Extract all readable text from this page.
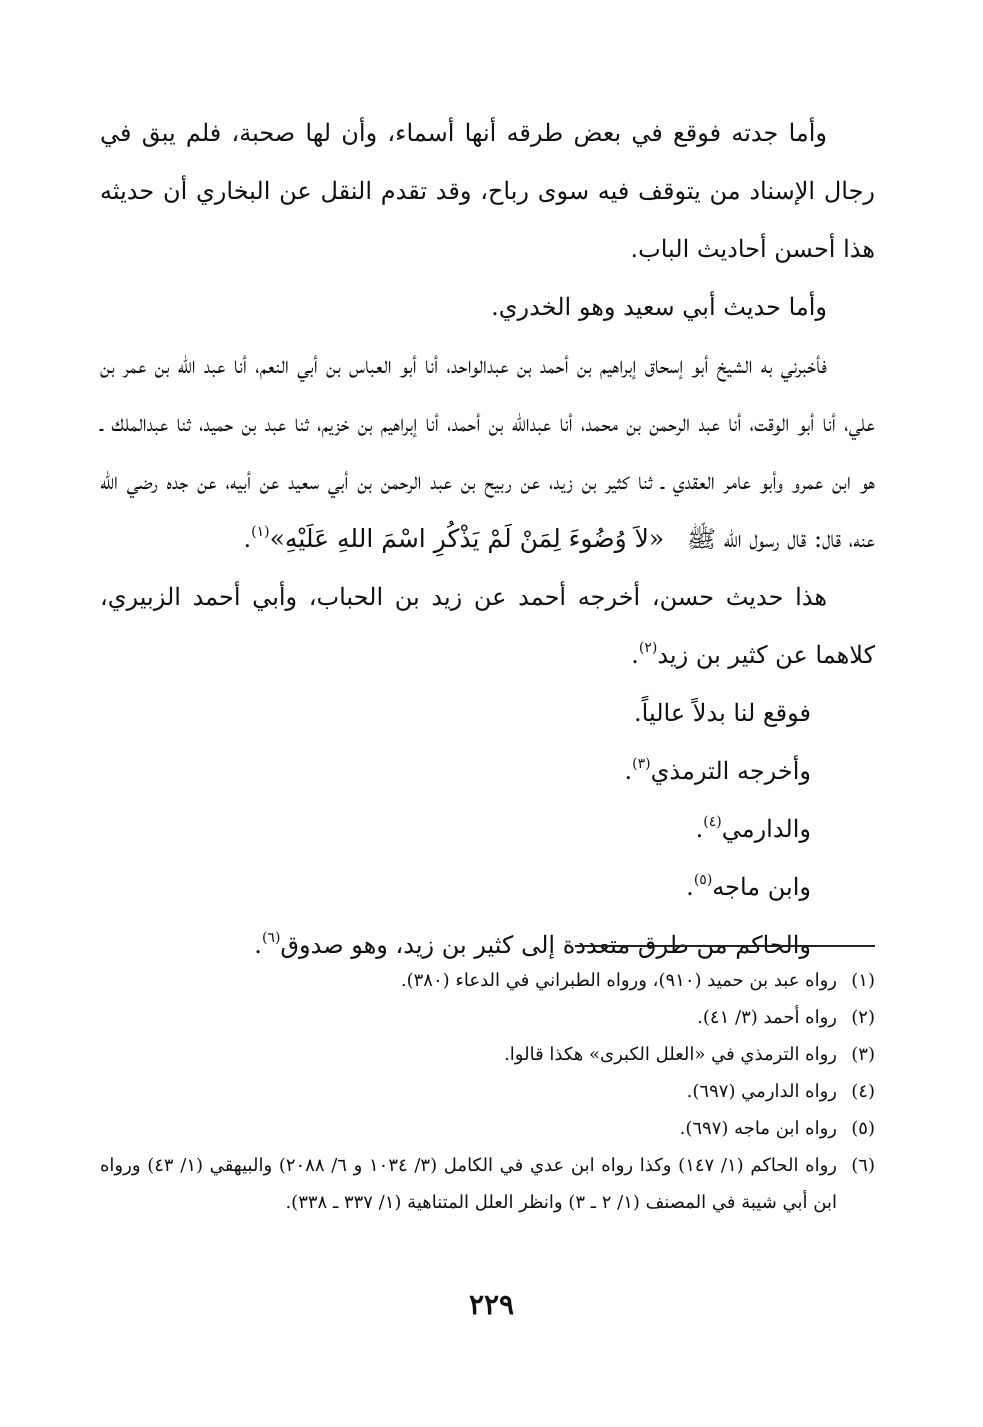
وأما جدته فوقع في بعض طرقه أنها أسماء، وأن لها صحبة، فلم يبق في رجال الإسناد من يتوقف فيه سوى رباح، وقد تقدم النقل عن البخاري أن حديثه هذا أحسن أحاديث الباب.

وأما حديث أبي سعيد وهو الخدري.

فأخبرني به الشيخ أبو إسحاق إبراهيم بن أحمد بن عبدالواحد، أنا أبو العباس بن أبي النعم، أنا عبد الله بن عمر بن علي، أنا أبو الوقت، أنا عبد الرحمن بن محمد، أنا عبدالله بن أحمد، أنا إبراهيم بن خزيم، ثنا عبد بن حميد، ثنا عبدالملك ـ هو ابن عمرو وأبو عامر العقدي ـ ثنا كثير بن زيد، عن ربيح بن عبد الرحمن بن أبي سعيد عن أبيه، عن جده رضي الله عنه، قال: قال رسول الله ﷺ   «لاَ وُضُوءَ لِمَنْ لَمْ يَذْكُرِ اسْمَ اللهِ عَلَيْهِ»$^{(١)}$.

هذا حديث حسن، أخرجه أحمد عن زيد بن الحباب، وأبي أحمد الزبيري، كلاهما عن كثير بن زيد$^{(٢)}$.

فوقع لنا بدلاً عالياً.

وأخرجه الترمذي$^{(٣)}$.

والدارمي$^{(٤)}$.

وابن ماجه$^{(٥)}$.

والحاكم من طرق متعددة إلى كثير بن زيد، وهو صدوق$^{(٦)}$.

(١)رواه عبد بن حميد (٩١٠)، ورواه الطبراني في الدعاء (٣٨٠).

(٢)رواه أحمد (٣/ ٤١).

(٣)رواه الترمذي في «العلل الكبرى» هكذا قالوا.

(٤)رواه الدارمي (٦٩٧).

(٥)رواه ابن ماجه (٦٩٧).

(٦)رواه الحاكم (١/ ١٤٧) وكذا رواه ابن عدي في الكامل (٣/ ١٠٣٤ و ٦/ ٢٠٨٨) والبيهقي (١/ ٤٣) ورواه ابن أبي شيبة في المصنف (١/ ٢ ـ ٣) وانظر العلل المتناهية (١/ ٣٣٧ ـ ٣٣٨).

٢٢٩
